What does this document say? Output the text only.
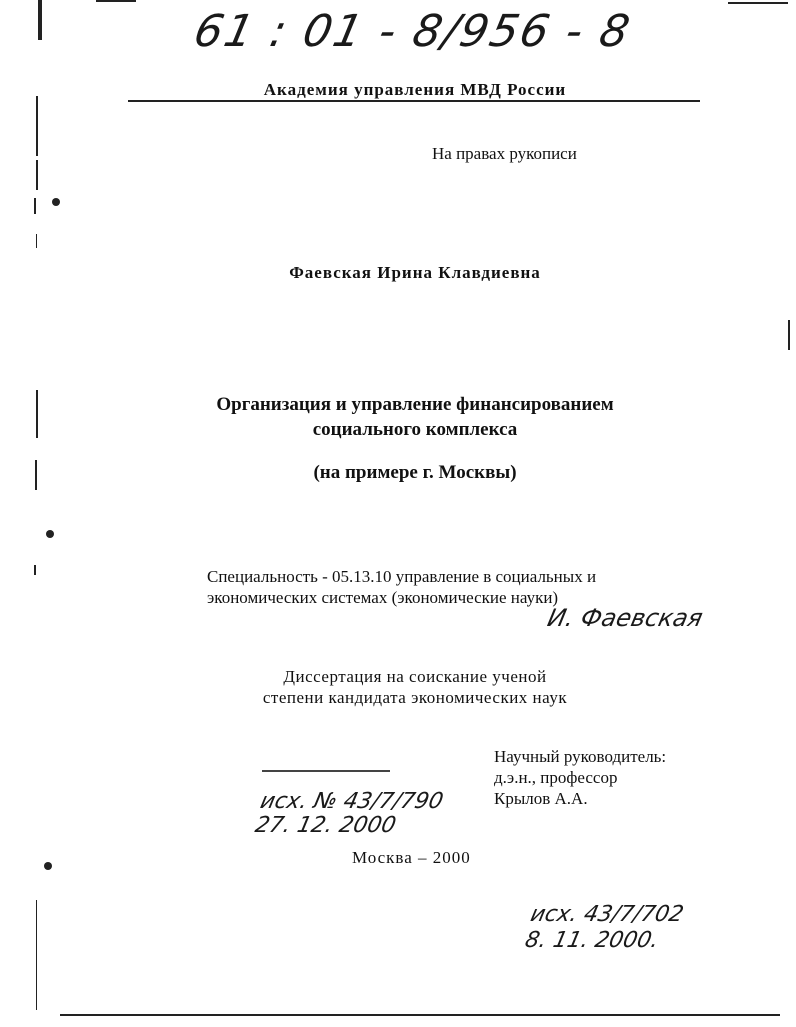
61 : 01 - 8/956 - 8

Академия управления МВД России

На правах рукописи

Фаевская Ирина Клавдиевна

Организация и управление финансированием
социального комплекса

(на примере г. Москвы)

Специальность - 05.13.10 управление в социальных и
экономических системах (экономические науки)
И. Фаевская
Диссертация на соискание ученой
степени кандидата экономических наук
Научный руководитель:
д.э.н., профессор
Крылов А.А.
исх. № 43/7/790
27. 12. 2000

Москва – 2000

исх. 43/7/702
8. 11. 2000.
